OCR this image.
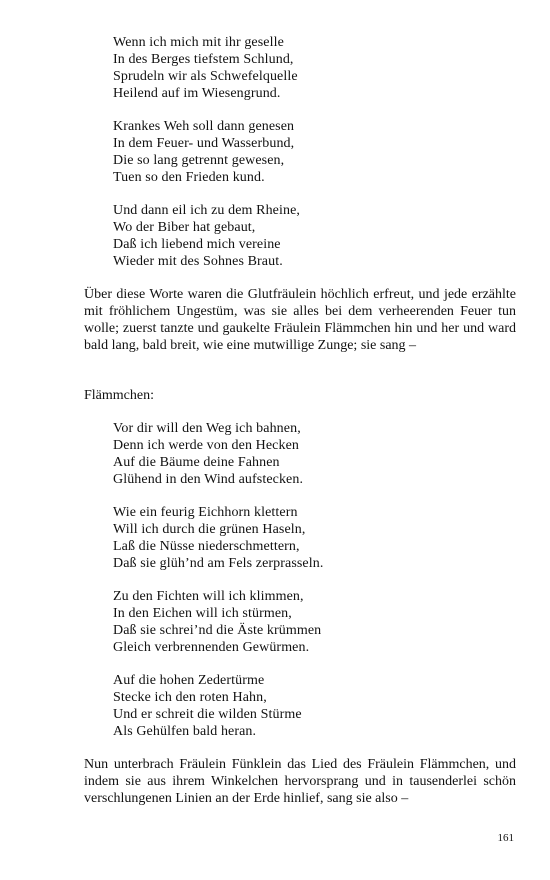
Wenn ich mich mit ihr geselle
In des Berges tiefstem Schlund,
Sprudeln wir als Schwefelquelle
Heilend auf im Wiesengrund.
Krankes Weh soll dann genesen
In dem Feuer- und Wasserbund,
Die so lang getrennt gewesen,
Tuen so den Frieden kund.
Und dann eil ich zu dem Rheine,
Wo der Biber hat gebaut,
Daß ich liebend mich vereine
Wieder mit des Sohnes Braut.

Über diese Worte waren die Glutfräulein höchlich erfreut, und jede erzählte mit fröhlichem Ungestüm, was sie alles bei dem verheerenden Feuer tun wolle; zuerst tanzte und gaukelte Fräulein Flämmchen hin und her und ward bald lang, bald breit, wie eine mutwillige Zunge; sie sang –

Flämmchen:
Vor dir will den Weg ich bahnen,
Denn ich werde von den Hecken
Auf die Bäume deine Fahnen
Glühend in den Wind aufstecken.
Wie ein feurig Eichhorn klettern
Will ich durch die grünen Haseln,
Laß die Nüsse niederschmettern,
Daß sie glüh’nd am Fels zerprasseln.
Zu den Fichten will ich klimmen,
In den Eichen will ich stürmen,
Daß sie schrei’nd die Äste krümmen
Gleich verbrennenden Gewürmen.
Auf die hohen Zedertürme
Stecke ich den roten Hahn,
Und er schreit die wilden Stürme
Als Gehülfen bald heran.

Nun unterbrach Fräulein Fünklein das Lied des Fräulein Flämmchen, und indem sie aus ihrem Winkelchen hervorsprang und in tausenderlei schön verschlungenen Linien an der Erde hinlief, sang sie also –

161
